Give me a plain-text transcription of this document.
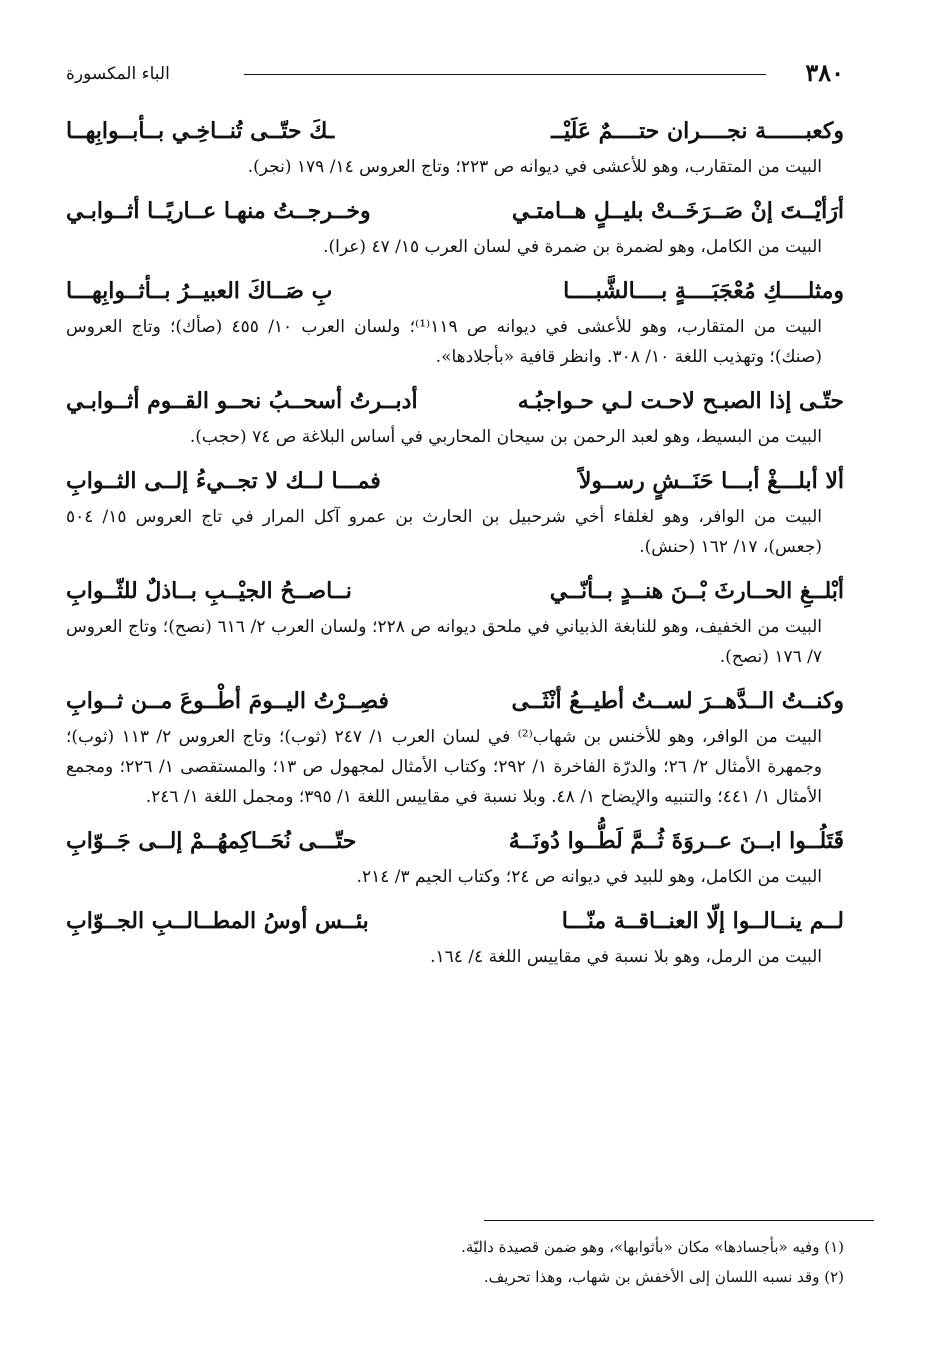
٣٨٠
الباء المكسورة
وكعبــــــة نجــــران حتــــمٌ عَلَيْــ
ـكَ حتّــى تُنــاخِـي بــأبــوابِهــا

البيت من المتقارب، وهو للأعشى في ديوانه ص ٢٢٣؛ وتاج العروس ١٤/ ١٧٩ (نجر).

أرَأيْــتَ إنْ صَــرَخَــتْ بليــلٍ هــامتـي
وخــرجــتُ منهـا عــاريًــا أثــوابـي

البيت من الكامل، وهو لضمرة بن ضمرة في لسان العرب ١٥/ ٤٧ (عرا).

ومثلــــكِ مُعْجَبَــــةٍ بــــالشَّبــــا
بِ صَــاكَ العبيــرُ بــأثــوابِهـــا

البيت من المتقارب، وهو للأعشى في ديوانه ص ١١٩⁽¹⁾؛ ولسان العرب ١٠/ ٤٥٥ (صأك)؛ وتاج العروس (صنك)؛ وتهذيب اللغة ١٠/ ٣٠٨. وانظر قافية «بأجلادها».

حتّـى إذا الصبـح لاحـت لـي حـواجبُـه
أدبــرتُ أسحــبُ نحــو القــوم أثــوابـي

البيت من البسيط، وهو لعبد الرحمن بن سيحان المحاربي في أساس البلاغة ص ٧٤ (حجب).

ألا أبلـــغْ أبـــا حَنَــشٍ رســولاً
فمـــا لــك لا تجــيءُ إلــى الثــوابِ

البيت من الوافر، وهو لغلفاء أخي شرحبيل بن الحارث بن عمرو آكل المرار في تاج العروس ١٥/ ٥٠٤ (جعس)، ١٧/ ١٦٢ (حنش).

أبْلــغِ الحــارثَ بْــنَ هنــدٍ بــأنّــي
نــاصــحُ الجيْــبِ بــاذلٌ للثّــوابِ

البيت من الخفيف، وهو للنابغة الذبياني في ملحق ديوانه ص ٢٢٨؛ ولسان العرب ٢/ ٦١٦ (نصح)؛ وتاج العروس ٧/ ١٧٦ (نصح).

وكنــتُ الــدَّهــرَ لســتُ أطيــعُ أنْثَــى
فصِــرْتُ اليــومَ أطْــوعَ مــن ثــوابِ

البيت من الوافر، وهو للأخنس بن شهاب⁽²⁾ في لسان العرب ١/ ٢٤٧ (ثوب)؛ وتاج العروس ٢/ ١١٣ (ثوب)؛ وجمهرة الأمثال ٢/ ٢٦؛ والدرّة الفاخرة ١/ ٢٩٢؛ وكتاب الأمثال لمجهول ص ١٣؛ والمستقصى ١/ ٢٢٦؛ ومجمع الأمثال ١/ ٤٤١؛ والتنبيه والإيضاح ١/ ٤٨. وبلا نسبة في مقاييس اللغة ١/ ٣٩٥؛ ومجمل اللغة ١/ ٢٤٦.

قَتَلُــوا ابــنَ عــروَةَ ثُــمَّ لَطُّــوا دُونَــهُ
حتّـــى نُحَــاكِمهُــمْ إلــى جَــوّابِ

البيت من الكامل، وهو للبيد في ديوانه ص ٢٤؛ وكتاب الجيم ٣/ ٢١٤.

لــم ينــالــوا إلّا العنــاقــة منّـــا
بئــس أوسُ المطــالــبِ الجــوّابِ

البيت من الرمل، وهو بلا نسبة في مقاييس اللغة ٤/ ١٦٤.

(١) وفيه «بأجسادها» مكان «بأثوابها»، وهو ضمن قصيدة داليّة.

(٢) وقد نسبه اللسان إلى الأخفش بن شهاب، وهذا تحريف.
